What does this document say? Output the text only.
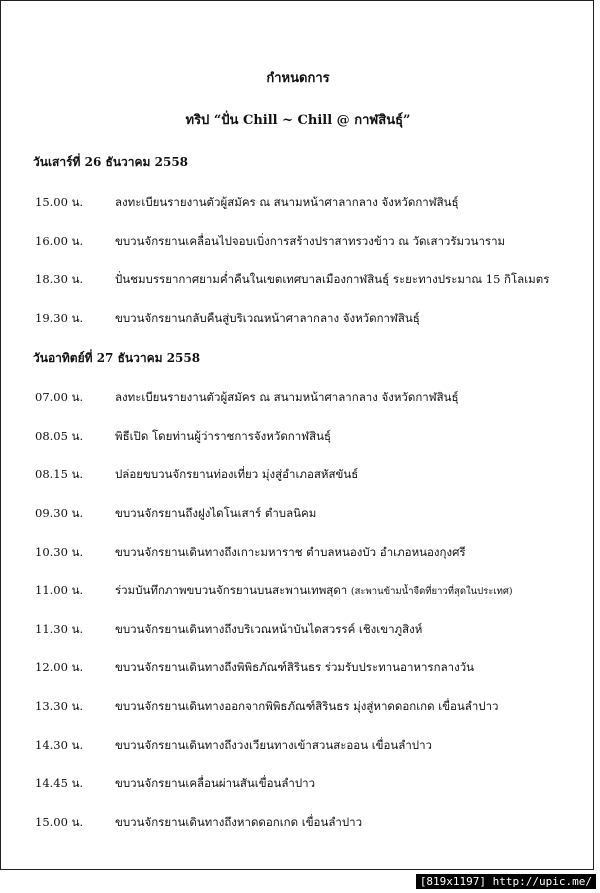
กำหนดการ
ทริป “ปั่น Chill ~ Chill @ กาฬสินธุ์”
วันเสาร์ที่ 26 ธันวาคม 2558
15.00 น.	ลงทะเบียนรายงานตัวผู้สมัคร ณ สนามหน้าศาลากลาง จังหวัดกาฬสินธุ์
16.00 น.	ขบวนจักรยานเคลื่อนไปจอบเบิ่งการสร้างปราสาทรวงข้าว ณ วัดเสาวรัมวนาราม
18.30 น.	ปั่นชมบรรยากาศยามค่ำคืนในเขตเทศบาลเมืองกาฬสินธุ์ ระยะทางประมาณ 15 กิโลเมตร
19.30 น.	ขบวนจักรยานกลับคืนสู่บริเวณหน้าศาลากลาง จังหวัดกาฬสินธุ์
วันอาทิตย์ที่ 27 ธันวาคม 2558
07.00 น.	ลงทะเบียนรายงานตัวผู้สมัคร ณ สนามหน้าศาลากลาง จังหวัดกาฬสินธุ์
08.05 น.	พิธีเปิด โดยท่านผู้ว่าราชการจังหวัดกาฬสินธุ์
08.15 น.	ปล่อยขบวนจักรยานท่องเที่ยว มุ่งสู่อำเภอสหัสขันธ์
09.30 น.	ขบวนจักรยานถึงฝูงไดโนเสาร์ ตำบลนิคม
10.30 น.	ขบวนจักรยานเดินทางถึงเกาะมหาราช ตำบลหนองบัว อำเภอหนองกุงศรี
11.00 น.	ร่วมบันทึกภาพขบวนจักรยานบนสะพานเทพสุดา (สะพานข้ามน้ำจืดที่ยาวที่สุดในประเทศ)
11.30 น.	ขบวนจักรยานเดินทางถึงบริเวณหน้าบันไดสวรรค์ เชิงเขาภูสิงห์
12.00 น.	ขบวนจักรยานเดินทางถึงพิพิธภัณฑ์สิรินธร ร่วมรับประทานอาหารกลางวัน
13.30 น.	ขบวนจักรยานเดินทางออกจากพิพิธภัณฑ์สิรินธร มุ่งสู่หาดดอกเกด เขื่อนลำปาว
14.30 น.	ขบวนจักรยานเดินทางถึงวงเวียนทางเข้าสวนสะออน เขื่อนลำปาว
14.45 น.	ขบวนจักรยานเคลื่อนผ่านสันเขื่อนลำปาว
15.00 น.	ขบวนจักรยานเดินทางถึงหาดดอกเกด เขื่อนลำปาว
[819x1197] http://upic.me/
